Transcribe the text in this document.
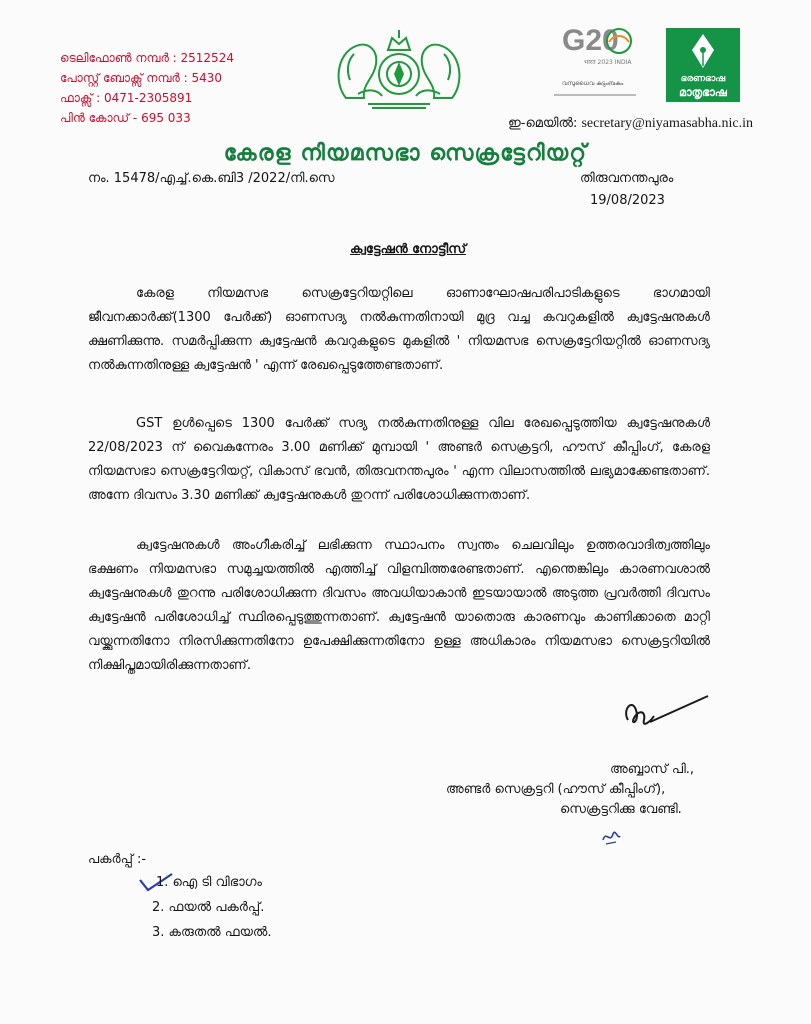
ടെലിഫോൺ നമ്പർ : 2512524
പോസ്റ്റ് ബോക്സ് നമ്പർ : 5430
ഫാക്സ് : 0471-2305891
പിൻ കോഡ് - 695 033
G20
भारत 2023 INDIA
വസുധൈവ കുടുംബകം	ഭരണഭാഷ
മാതൃഭാഷ
ഇ-മെയിൽ: secretary@niyamasabha.nic.in
കേരള നിയമസഭാ സെക്രട്ടേറിയറ്റ്
നം. 15478/എച്ച്.കെ.ബി3 /2022/നി.സെ	തിരുവനന്തപുരം
19/08/2023
ക്വട്ടേഷൻ നോട്ടീസ്
കേരള നിയമസഭ സെക്രട്ടേറിയറ്റിലെ ഓണാഘോഷപരിപാടികളുടെ ഭാഗമായി ജീവനക്കാർക്ക്(1300 പേർക്ക്) ഓണസദ്യ നൽകുന്നതിനായി മുദ്ര വച്ച കവറുകളിൽ ക്വട്ടേഷനുകൾ ക്ഷണിക്കുന്നു. സമർപ്പിക്കുന്ന ക്വട്ടേഷൻ കവറുകളുടെ മുകളിൽ ' നിയമസഭ സെക്രട്ടേറിയറ്റിൽ ഓണസദ്യ നൽകുന്നതിനുള്ള ക്വട്ടേഷൻ ' എന്ന് രേഖപ്പെടുത്തേണ്ടതാണ്.
GST ഉൾപ്പെടെ 1300 പേർക്ക് സദ്യ നൽകുന്നതിനുള്ള വില രേഖപ്പെടുത്തിയ ക്വട്ടേഷനുകൾ 22/08/2023 ന് വൈകുന്നേരം 3.00 മണിക്ക് മുമ്പായി ' അണ്ടർ സെക്രട്ടറി, ഹൗസ് കീപ്പിംഗ്, കേരള നിയമസഭാ സെക്രട്ടേറിയറ്റ്, വികാസ് ഭവൻ, തിരുവനന്തപുരം ' എന്ന വിലാസത്തിൽ ലഭ്യമാക്കേണ്ടതാണ്. അന്നേ ദിവസം 3.30 മണിക്ക് ക്വട്ടേഷനുകൾ തുറന്ന് പരിശോധിക്കുന്നതാണ്.
ക്വട്ടേഷനുകൾ അംഗീകരിച്ച് ലഭിക്കുന്ന സ്ഥാപനം സ്വന്തം ചെലവിലും ഉത്തരവാദിത്വത്തിലും ഭക്ഷണം നിയമസഭാ സമുച്ചയത്തിൽ എത്തിച്ച് വിളമ്പിത്തരേണ്ടതാണ്. എന്തെങ്കിലും കാരണവശാൽ ക്വട്ടേഷനുകൾ തുറന്നു പരിശോധിക്കുന്ന ദിവസം അവധിയാകാൻ ഇടയായാൽ അടുത്ത പ്രവർത്തി ദിവസം ക്വട്ടേഷൻ പരിശോധിച്ച് സ്ഥിരപ്പെടുത്തുന്നതാണ്. ക്വട്ടേഷൻ യാതൊരു കാരണവും കാണിക്കാതെ മാറ്റി വയ്ക്കുന്നതിനോ നിരസിക്കുന്നതിനോ ഉപേക്ഷിക്കുന്നതിനോ ഉള്ള അധികാരം നിയമസഭാ സെക്രട്ടറിയിൽ നിക്ഷിപ്തമായിരിക്കുന്നതാണ്.
അബ്ബാസ് പി.,
അണ്ടർ സെക്രട്ടറി (ഹൗസ് കീപ്പിംഗ്),
സെക്രട്ടറിക്കു വേണ്ടി.
പകർപ്പ് :-
1. ഐ ടി വിഭാഗം
2. ഫയൽ പകർപ്പ്.
3. കരുതൽ ഫയൽ.
